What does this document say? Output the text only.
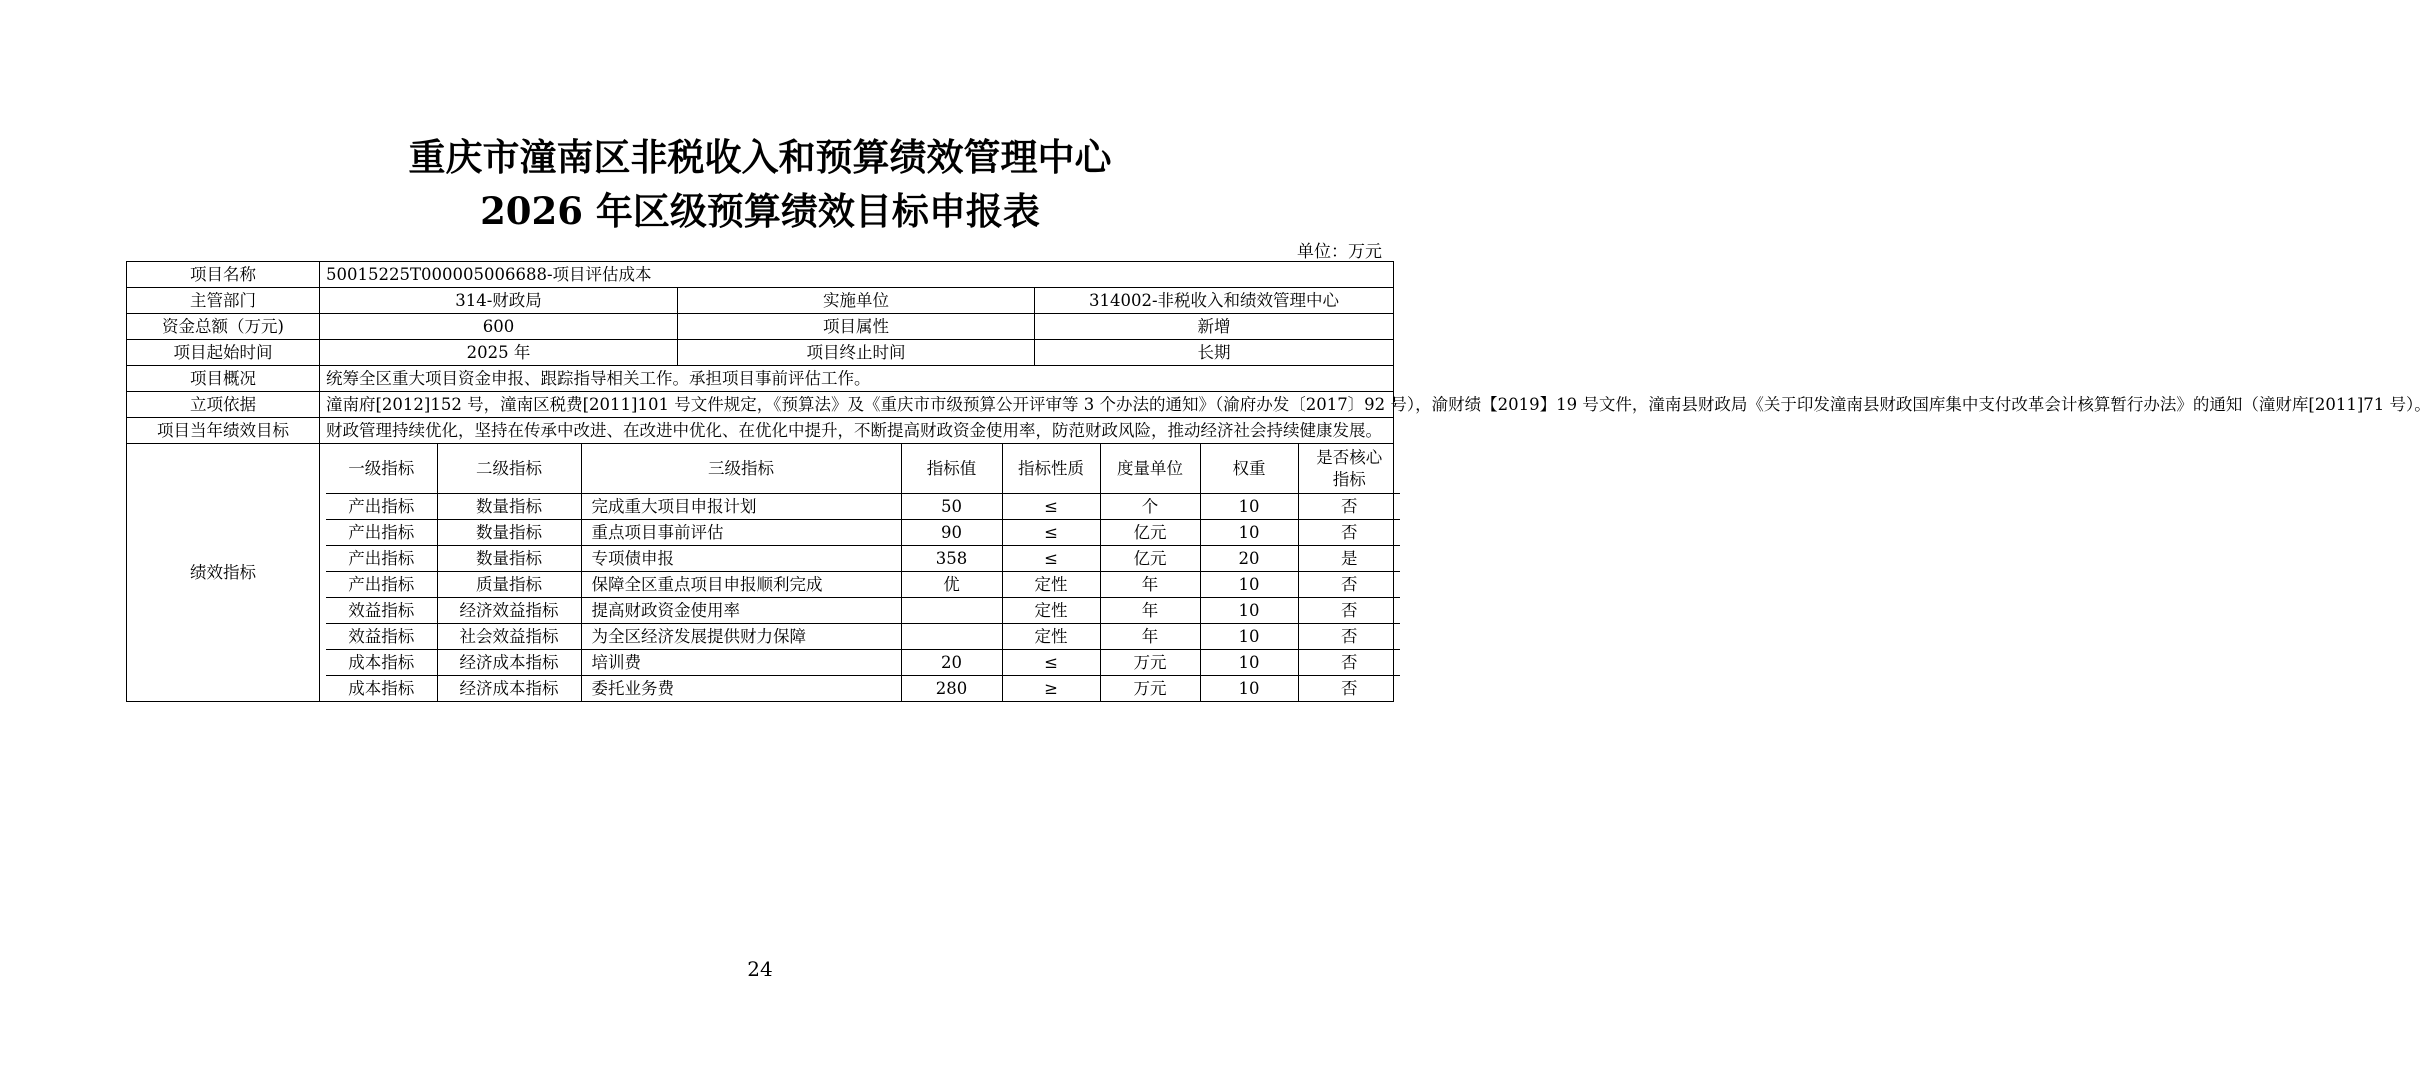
重庆市潼南区非税收入和预算绩效管理中心
2026 年区级预算绩效目标申报表
单位：万元
项目名称	50015225T000005006688-项目评估成本
主管部门	314-财政局	实施单位	314002-非税收入和绩效管理中心
资金总额（万元)	600	项目属性	新增
项目起始时间	2025 年	项目终止时间	长期
项目概况	统筹全区重大项目资金申报、跟踪指导相关工作。承担项目事前评估工作。
立项依据	潼南府[2012]152 号，潼南区税费[2011]101 号文件规定，《预算法》及《重庆市市级预算公开评审等 3 个办法的通知》（渝府办发〔2017〕92 号），渝财绩【2019】19 号文件，潼南县财政局《关于印发潼南县财政国库集中支付改革会计核算暂行办法》的通知（潼财库[2011]71 号）。
项目当年绩效目标	财政管理持续优化，坚持在传承中改进、在改进中优化、在优化中提升，不断提高财政资金使用率，防范财政风险，推动经济社会持续健康发展。
绩效指标	
一级指标	二级指标	三级指标	指标值	指标性质	度量单位	权重	是否核心指标
产出指标	数量指标	完成重大项目申报计划	50	≤	个	10	否
产出指标	数量指标	重点项目事前评估	90	≤	亿元	10	否
产出指标	数量指标	专项债申报	358	≤	亿元	20	是
产出指标	质量指标	保障全区重点项目申报顺利完成	优	定性	年	10	否
效益指标	经济效益指标	提高财政资金使用率		定性	年	10	否
效益指标	社会效益指标	为全区经济发展提供财力保障		定性	年	10	否
成本指标	经济成本指标	培训费	20	≤	万元	10	否
成本指标	经济成本指标	委托业务费	280	≥	万元	10	否
24
